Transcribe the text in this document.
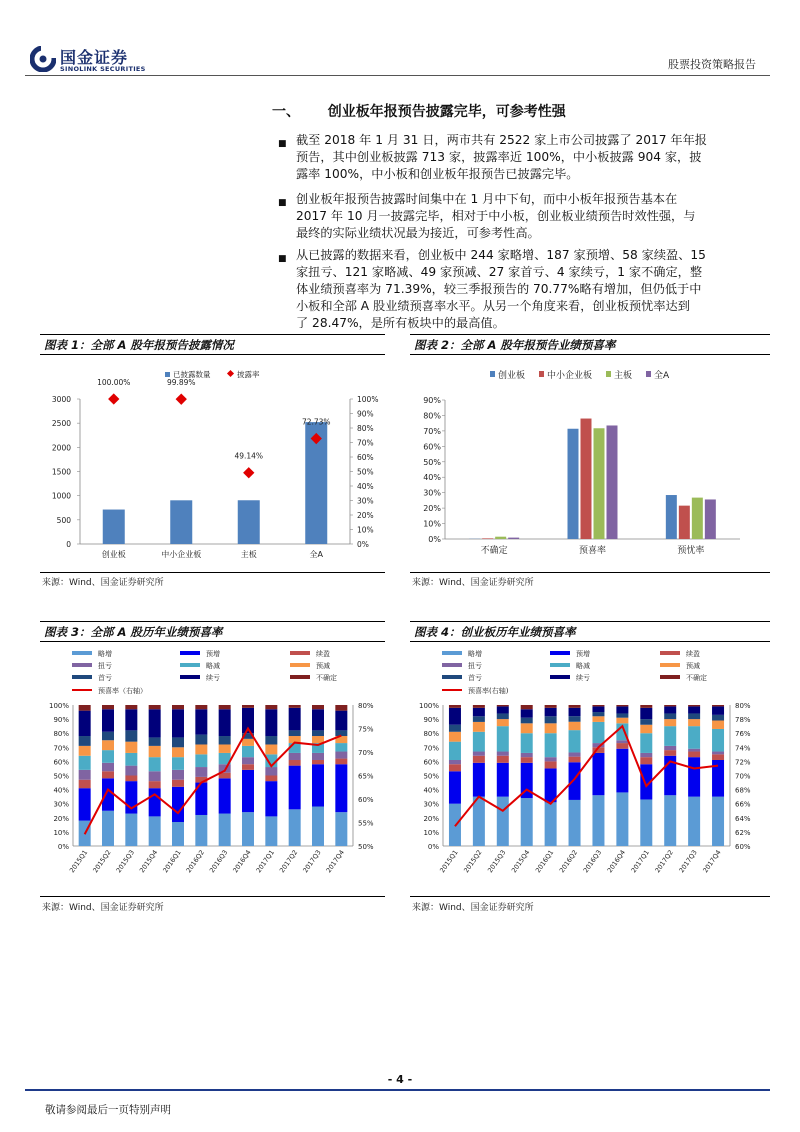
国金证券
SINOLINK SECURITIES	股票投资策略报告
一、 创业板年报预告披露完毕，可参考性强
■ 截至 2018 年 1 月 31 日，两市共有 2522 家上市公司披露了 2017 年年报
预告，其中创业板披露 713 家，披露率近 100%，中小板披露 904 家，披
露率 100%，中小板和创业板年报预告已披露完毕。
■ 创业板年报预告披露时间集中在 1 月中下旬，而中小板年报预告基本在
2017 年 10 月一披露完毕，相对于中小板，创业板业绩预告时效性强，与
最终的实际业绩状况最为接近，可参考性高。
■ 从已披露的数据来看，创业板中 244 家略增、187 家预增、58 家续盈、15
家扭亏、121 家略减、49 家预减、27 家首亏、4 家续亏，1 家不确定，整
体业绩预喜率为 71.39%，较三季报预告的 70.77%略有增加，但仍低于中
小板和全部 A 股业绩预喜率水平。从另一个角度来看，创业板预忧率达到
了 28.47%，是所有板块中的最高值。
图表 1：全部 A 股年报预告披露情况	图表 2：全部 A 股年报预告业绩预喜率
图表 3：全部 A 股历年业绩预喜率	图表 4：创业板历年业绩预喜率
已披露数量	披露率
0
500
1000
1500
2000
2500
3000
0%
10%
20%
30%
40%
50%
60%
70%
80%
90%
100%
100.00%
创业板
99.89%
中小企业板
49.14%
主板
72.73%
全A
创业板 中小企业板 主板 全A
0%
10%
20%
30%
40%
50%
60%
70%
80%
90%
不确定	预喜率	预忧率
略增	预增	续盈
扭亏	略减	预减
首亏	续亏	不确定
预喜率（右轴）
0%
10%
20%
30%
40%
50%
60%
70%
80%
90%
100%
50%
55%
60%
65%
70%
75%
80%
2015Q1 2015Q2 2015Q3 2015Q4 2016Q1 2016Q2 2016Q3 2016Q4 2017Q1 2017Q2 2017Q3 2017Q4
略增	预增	续盈
扭亏	略减	预减
首亏	续亏	不确定
预喜率(右轴)
0%
10%
20%
30%
40%
50%
60%
70%
80%
90%
100%
60%
62%
64%
66%
68%
70%
72%
74%
76%
78%
80%
2015Q1 2015Q2 2015Q3 2015Q4 2016Q1 2016Q2 2016Q3 2016Q4 2017Q1 2017Q2 2017Q3 2017Q4
来源：Wind、国金证券研究所	来源：Wind、国金证券研究所
来源：Wind、国金证券研究所	来源：Wind、国金证券研究所
- 4 -
敬请参阅最后一页特别声明
